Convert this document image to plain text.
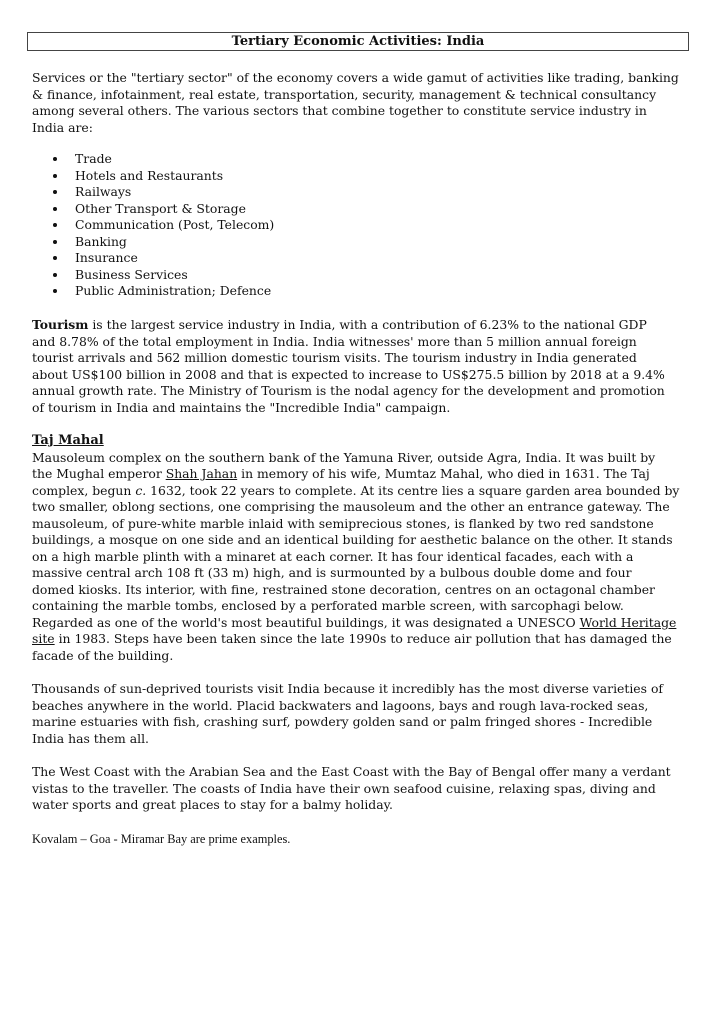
Tertiary Economic Activities: India
Services or the "tertiary sector" of the economy covers a wide gamut of activities like trading, banking
& finance, infotainment, real estate, transportation, security, management & technical consultancy
among several others. The various sectors that combine together to constitute service industry in
India are:
Trade
Hotels and Restaurants
Railways
Other Transport & Storage
Communication (Post, Telecom)
Banking
Insurance
Business Services
Public Administration; Defence
Tourism is the largest service industry in India, with a contribution of 6.23% to the national GDP
and 8.78% of the total employment in India. India witnesses' more than 5 million annual foreign
tourist arrivals and 562 million domestic tourism visits. The tourism industry in India generated
about US$100 billion in 2008 and that is expected to increase to US$275.5 billion by 2018 at a 9.4%
annual growth rate. The Ministry of Tourism is the nodal agency for the development and promotion
of tourism in India and maintains the "Incredible India" campaign.
Taj Mahal
Mausoleum complex on the southern bank of the Yamuna River, outside Agra, India. It was built by
the Mughal emperor Shah Jahan in memory of his wife, Mumtaz Mahal, who died in 1631. The Taj
complex, begun c. 1632, took 22 years to complete. At its centre lies a square garden area bounded by
two smaller, oblong sections, one comprising the mausoleum and the other an entrance gateway. The
mausoleum, of pure-white marble inlaid with semiprecious stones, is flanked by two red sandstone
buildings, a mosque on one side and an identical building for aesthetic balance on the other. It stands
on a high marble plinth with a minaret at each corner. It has four identical facades, each with a
massive central arch 108 ft (33 m) high, and is surmounted by a bulbous double dome and four
domed kiosks. Its interior, with fine, restrained stone decoration, centres on an octagonal chamber
containing the marble tombs, enclosed by a perforated marble screen, with sarcophagi below.
Regarded as one of the world's most beautiful buildings, it was designated a UNESCO World Heritage
site in 1983. Steps have been taken since the late 1990s to reduce air pollution that has damaged the
facade of the building.
Thousands of sun-deprived tourists visit India because it incredibly has the most diverse varieties of
beaches anywhere in the world. Placid backwaters and lagoons, bays and rough lava-rocked seas,
marine estuaries with fish, crashing surf, powdery golden sand or palm fringed shores - Incredible
India has them all.
The West Coast with the Arabian Sea and the East Coast with the Bay of Bengal offer many a verdant
vistas to the traveller. The coasts of India have their own seafood cuisine, relaxing spas, diving and
water sports and great places to stay for a balmy holiday.
Kovalam – Goa - Miramar Bay are prime examples.
